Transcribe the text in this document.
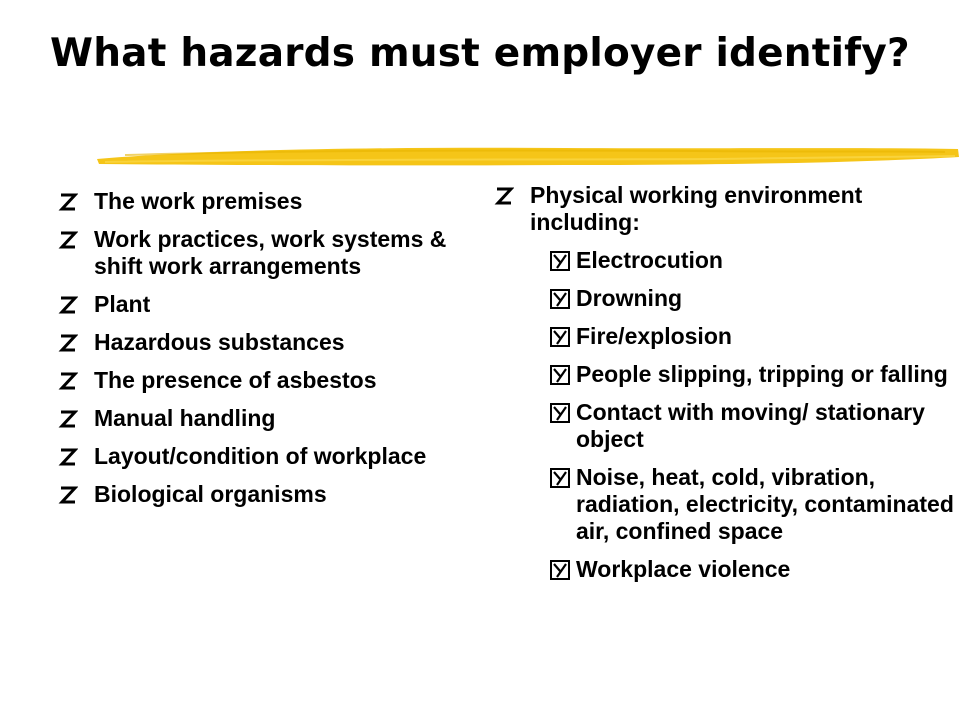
What hazards must employer identify?
The work premises
Work practices, work systems & shift work arrangements
Plant
Hazardous substances
The presence of asbestos
Manual handling
Layout/condition of workplace
Biological organisms
Physical working environment including:
Electrocution
Drowning
Fire/explosion
People slipping, tripping or falling
Contact with moving/ stationary object
Noise, heat, cold, vibration, radiation, electricity, contaminated air, confined space
Workplace violence
